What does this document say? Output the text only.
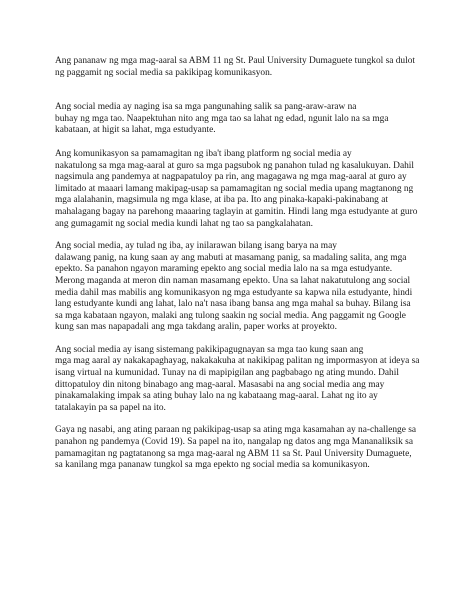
Ang pananaw ng mga mag-aaral sa ABM 11 ng St. Paul University Dumaguete tungkol sa dulot
ng paggamit ng social media sa pakikipag komunikasyon.

Ang social media ay naging isa sa mga pangunahing salik sa pang-araw-araw na
buhay ng mga tao. Naapektuhan nito ang mga tao sa lahat ng edad, ngunit lalo na sa mga
kabataan, at higit sa lahat, mga estudyante.

Ang komunikasyon sa pamamagitan ng iba't ibang platform ng social media ay
nakatulong sa mga mag-aaral at guro sa mga pagsubok ng panahon tulad ng kasalukuyan. Dahil
nagsimula ang pandemya at nagpapatuloy pa rin, ang magagawa ng mga mag-aaral at guro ay
limitado at maaari lamang makipag-usap sa pamamagitan ng social media upang magtanong ng
mga alalahanin, magsimula ng mga klase, at iba pa. Ito ang pinaka-kapaki-pakinabang at
mahalagang bagay na parehong maaaring taglayin at gamitin. Hindi lang mga estudyante at guro
ang gumagamit ng social media kundi lahat ng tao sa pangkalahatan.

Ang social media, ay tulad ng iba, ay inilarawan bilang isang barya na may
dalawang panig, na kung saan ay ang mabuti at masamang panig, sa madaling salita, ang mga
epekto. Sa panahon ngayon maraming epekto ang social media lalo na sa mga estudyante.
Merong maganda at meron din naman masamang epekto. Una sa lahat nakatutulong ang social
media dahil mas mabilis ang komunikasyon ng mga estudyante sa kapwa nila estudyante, hindi
lang estudyante kundi ang lahat, lalo na't nasa ibang bansa ang mga mahal sa buhay. Bilang isa
sa mga kabataan ngayon, malaki ang tulong saakin ng social media. Ang paggamit ng Google
kung san mas napapadali ang mga takdang aralin, paper works at proyekto.

Ang social media ay isang sistemang pakikipagugnayan sa mga tao kung saan ang
mga mag aaral ay nakakapaghayag, nakakakuha at nakikipag palitan ng impormasyon at ideya sa
isang virtual na kumunidad. Tunay na di mapipigilan ang pagbabago ng ating mundo. Dahil
dittopatuloy din nitong binabago ang mag-aaral. Masasabi na ang social media ang may
pinakamalaking impak sa ating buhay lalo na ng kabataang mag-aaral. Lahat ng ito ay
tatalakayin pa sa papel na ito.

Gaya ng nasabi, ang ating paraan ng pakikipag-usap sa ating mga kasamahan ay na-challenge sa
panahon ng pandemya (Covid 19). Sa papel na ito, nangalap ng datos ang mga Mananaliksik sa
pamamagitan ng pagtatanong sa mga mag-aaral ng ABM 11 sa St. Paul University Dumaguete,
sa kanilang mga pananaw tungkol sa mga epekto ng social media sa komunikasyon.
